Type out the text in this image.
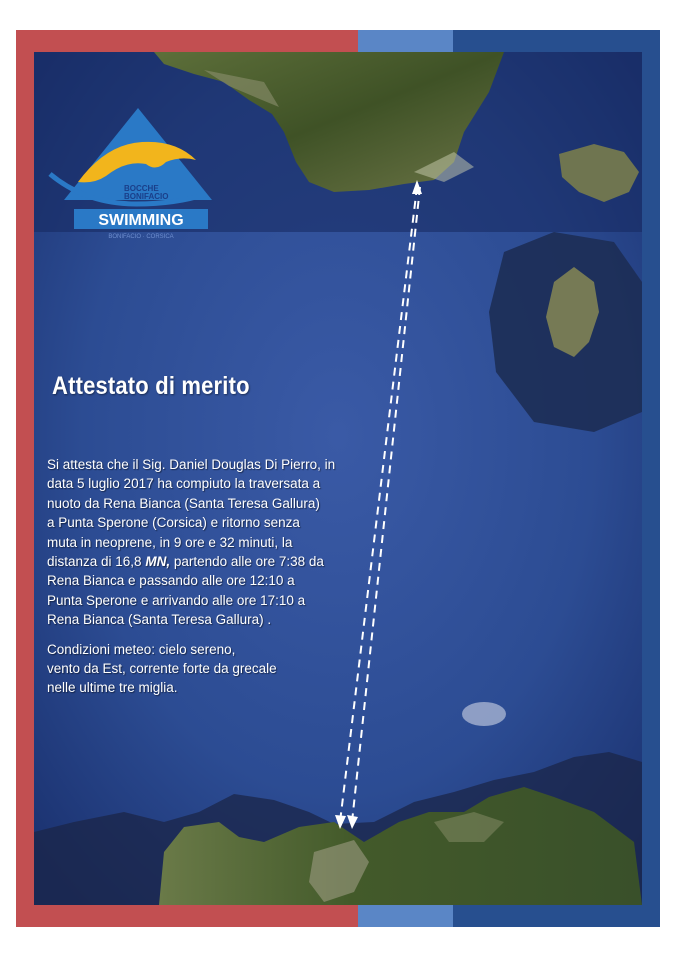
BOCCHE
BONIFACIO
SWIMMING
BONIFACIO · CORSICA
Attestato di merito

Si attesta che il Sig. Daniel Douglas Di Pierro, in
data 5 luglio 2017 ha compiuto la traversata a
nuoto da Rena Bianca (Santa Teresa Gallura)
a Punta Sperone (Corsica) e ritorno senza
muta in neoprene, in 9 ore e 32 minuti, la
distanza di 16,8 MN, partendo alle ore 7:38 da
Rena Bianca e passando alle ore 12:10 a
Punta Sperone e arrivando alle ore 17:10 a
Rena Bianca (Santa Teresa Gallura) .

Condizioni meteo: cielo sereno,
vento da Est, corrente forte da grecale
nelle ultime tre miglia.
